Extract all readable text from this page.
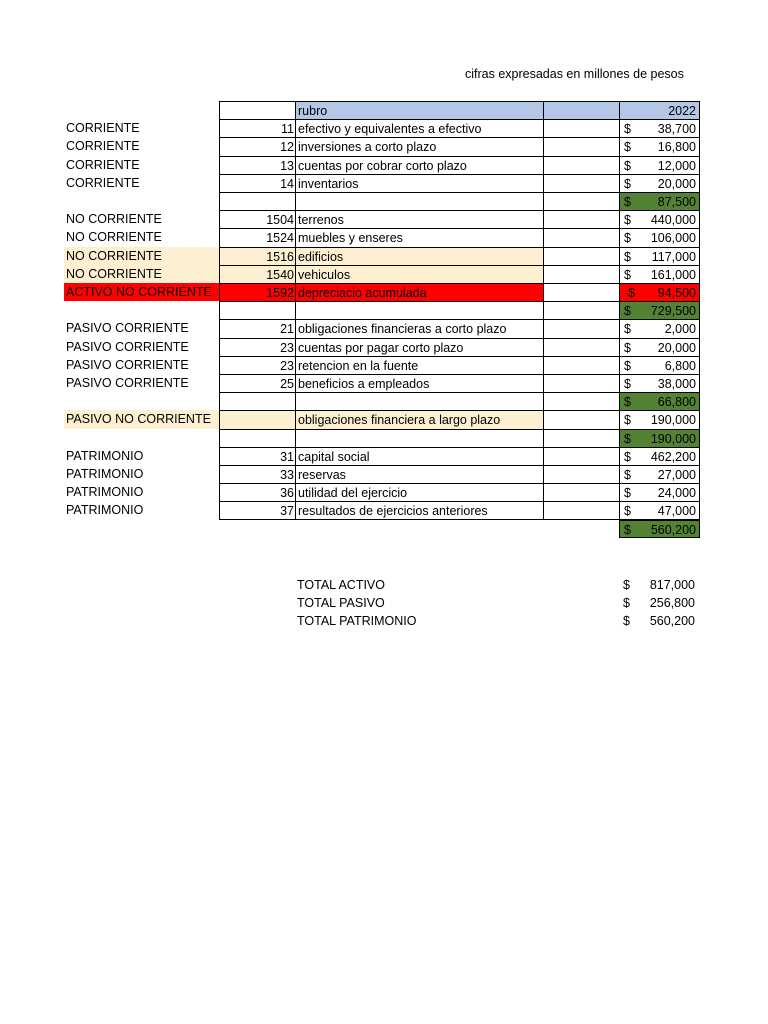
cifras expresadas en millones de pesos
rubro	2022
CORRIENTE	11 efectivo y equivalentes a efectivo	$ 38,700
CORRIENTE	12 inversiones a corto plazo	$ 16,800
CORRIENTE	13 cuentas por cobrar corto plazo	$ 12,000
CORRIENTE	14 inventarios	$ 20,000
$ 87,500
NO CORRIENTE	1504 terrenos	$ 440,000
NO CORRIENTE	1524 muebles y enseres	$ 106,000
NO CORRIENTE	1516 edificios	$ 117,000
NO CORRIENTE	1540 vehiculos	$ 161,000
ACTIVO NO CORRIENTE	1592 depreciacio acumulada	-$ 94,500
$ 729,500
PASIVO CORRIENTE	21 obligaciones financieras a corto plazo	$	2,000
PASIVO CORRIENTE	23 cuentas por pagar corto plazo	$ 20,000
PASIVO CORRIENTE	23 retencion en la fuente	$	6,800
PASIVO CORRIENTE	25 beneficios a empleados	$ 38,000
$ 66,800
PASIVO NO CORRIENTE	obligaciones financiera a largo plazo	$ 190,000
$ 190,000
PATRIMONIO	31 capital social	$ 462,200
PATRIMONIO	33 reservas	$ 27,000
PATRIMONIO	36 utilidad del ejercicio	$ 24,000
PATRIMONIO	37 resultados de ejercicios anteriores	$ 47,000
$ 560,200
TOTAL ACTIVO	$ 817,000
TOTAL PASIVO	$ 256,800
TOTAL PATRIMONIO	$ 560,200
